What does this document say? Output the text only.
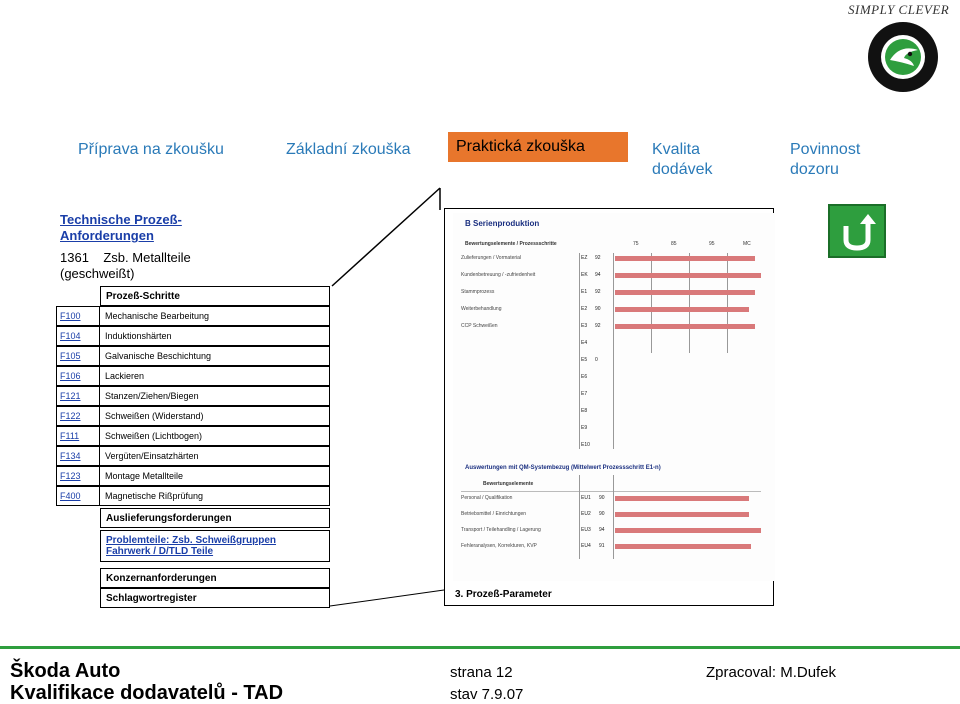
SIMPLY CLEVER
Příprava na zkoušku	Základní zkouška	Praktická zkouška	Kvalita
dodávek
Povinnost
dozoru
Technische Prozeß-Anforderungen
1361    Zsb. Metallteile
(geschweißt)
Prozeß-Schritte
F100	Mechanische Bearbeitung
F104	Induktionshärten
F105	Galvanische Beschichtung
F106	Lackieren
F121	Stanzen/Ziehen/Biegen
F122	Schweißen (Widerstand)
F111	Schweißen (Lichtbogen)
F134	Vergüten/Einsatzhärten
F123	Montage Metallteile
F400	Magnetische Rißprüfung
Auslieferungsforderungen
Problemteile: Zsb. Schweißgruppen
Fahrwerk / D/TLD Teile
Konzernanforderungen
Schlagwortregister
B Serienproduktion
Bewertungselemente / Prozessschritte	75	85	95	MC
Zulieferungen / Vormaterial	EZ 92
Kundenbetreuung / -zufriedenheit	EK 94
Stammprozess	E1 92
Weiterbehandlung	E2 90
CCP Schweißen	E3 92
E4
E5 0
E6
E7
E8
E9
E10
Auswertungen mit QM-Systembezug (Mittelwert Prozessschritt E1-n)
Bewertungselemente
Personal / Qualifikation	EU1 90
Betriebsmittel / Einrichtungen	EU2 90
Transport / Teilehandling / Lagerung	EU3 94
Fehleranalysen, Korrekturen, KVP	EU4 91
3. Prozeß-Parameter
Škoda Auto
Kvalifikace dodavatelů - TAD
strana 12
stav 7.9.07
Zpracoval: M.Dufek
